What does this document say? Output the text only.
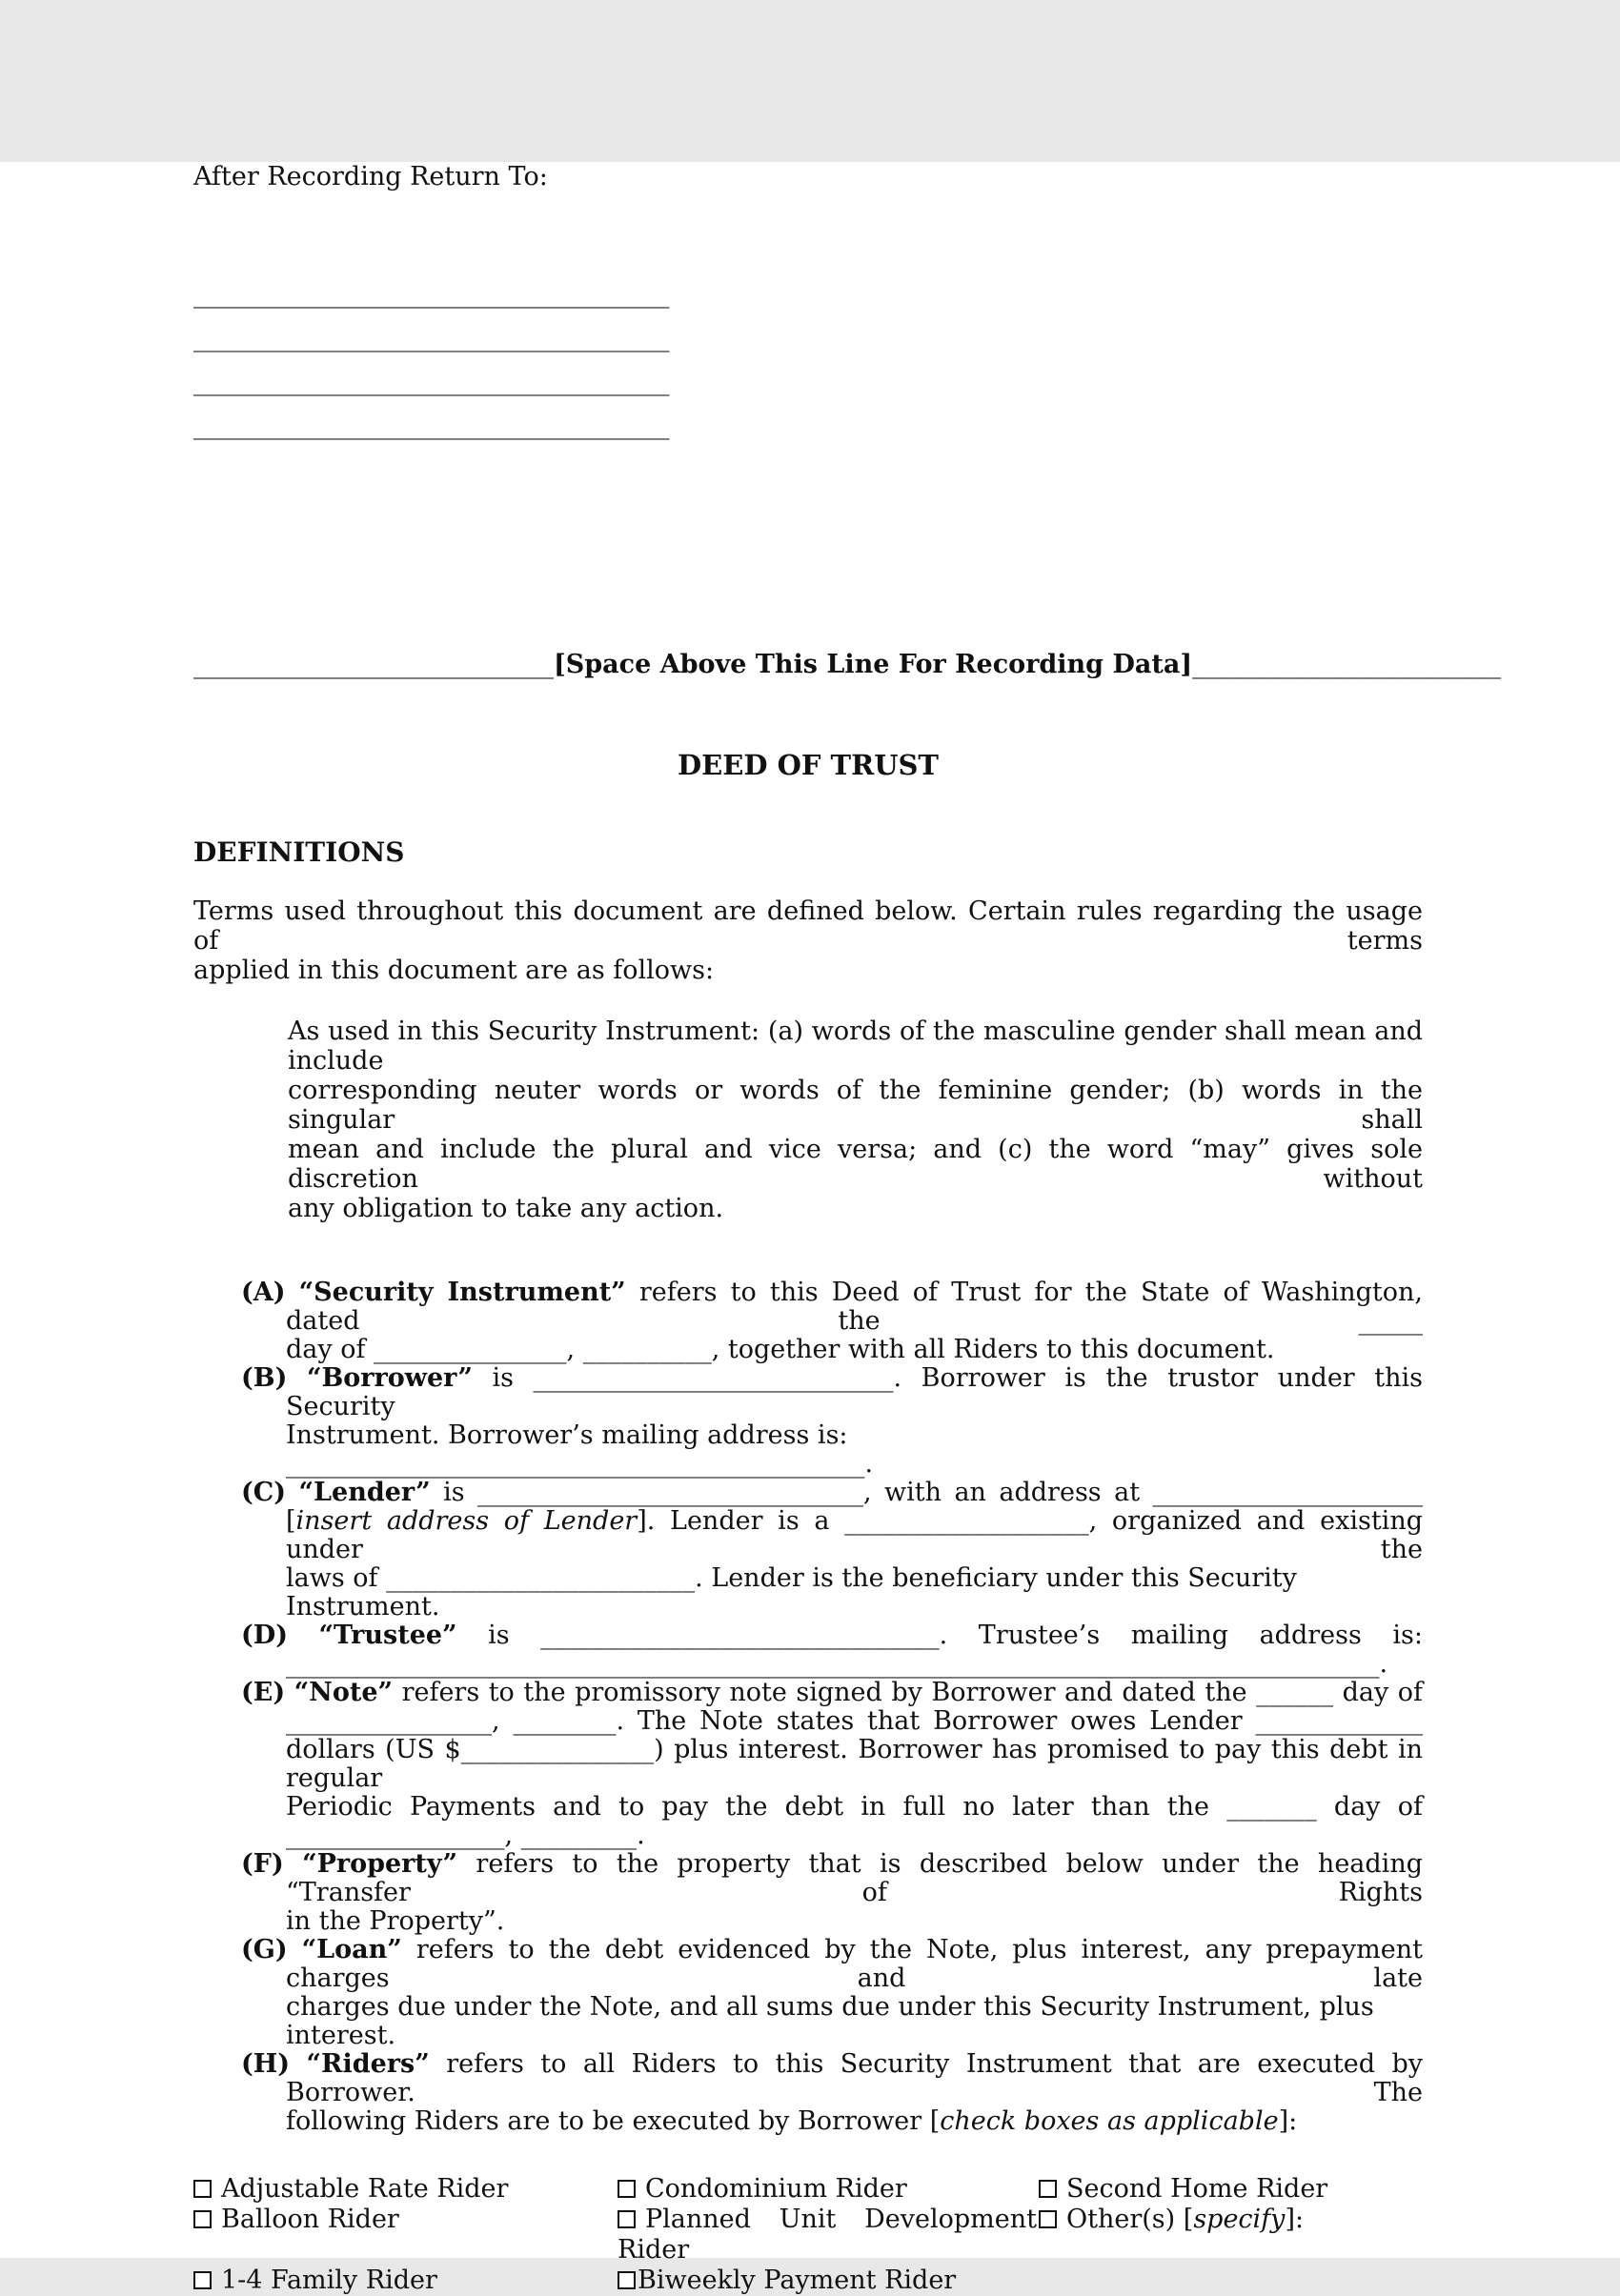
After Recording Return To:
_____________________________________
_____________________________________
_____________________________________
_____________________________________
____________________________[Space Above This Line For Recording Data]________________________
DEED OF TRUST
DEFINITIONS
Terms used throughout this document are defined below. Certain rules regarding the usage of terms
applied in this document are as follows:
As used in this Security Instrument: (a) words of the masculine gender shall mean and include
corresponding neuter words or words of the feminine gender; (b) words in the singular shall
mean and include the plural and vice versa; and (c) the word “may” gives sole discretion without
any obligation to take any action.
(A) “Security Instrument” refers to this Deed of Trust for the State of Washington, dated the _____
day of _______________, __________, together with all Riders to this document.
(B) “Borrower” is ____________________________. Borrower is the trustor under this Security
Instrument. Borrower’s mailing address is: _____________________________________________.
(C) “Lender” is ______________________________, with an address at _____________________
[insert address of Lender]. Lender is a ___________________, organized and existing under the
laws of ________________________. Lender is the beneficiary under this Security Instrument.
(D) “Trustee” is _______________________________. Trustee’s mailing address is:
_____________________________________________________________________________________.
(E) “Note” refers to the promissory note signed by Borrower and dated the ______ day of
________________, ________. The Note states that Borrower owes Lender _____________
dollars (US $_______________) plus interest. Borrower has promised to pay this debt in regular
Periodic Payments and to pay the debt in full no later than the _______ day of
_________________, _________.
(F) “Property” refers to the property that is described below under the heading “Transfer of Rights
in the Property”.
(G) “Loan” refers to the debt evidenced by the Note, plus interest, any prepayment charges and late
charges due under the Note, and all sums due under this Security Instrument, plus interest.
(H) “Riders” refers to all Riders to this Security Instrument that are executed by Borrower. The
following Riders are to be executed by Borrower [check boxes as applicable]:
Adjustable Rate Rider
Balloon Rider
1-4 Family Rider
Condominium Rider
Planned Unit Development Rider
Biweekly Payment Rider
Second Home Rider
Other(s) [specify]:
